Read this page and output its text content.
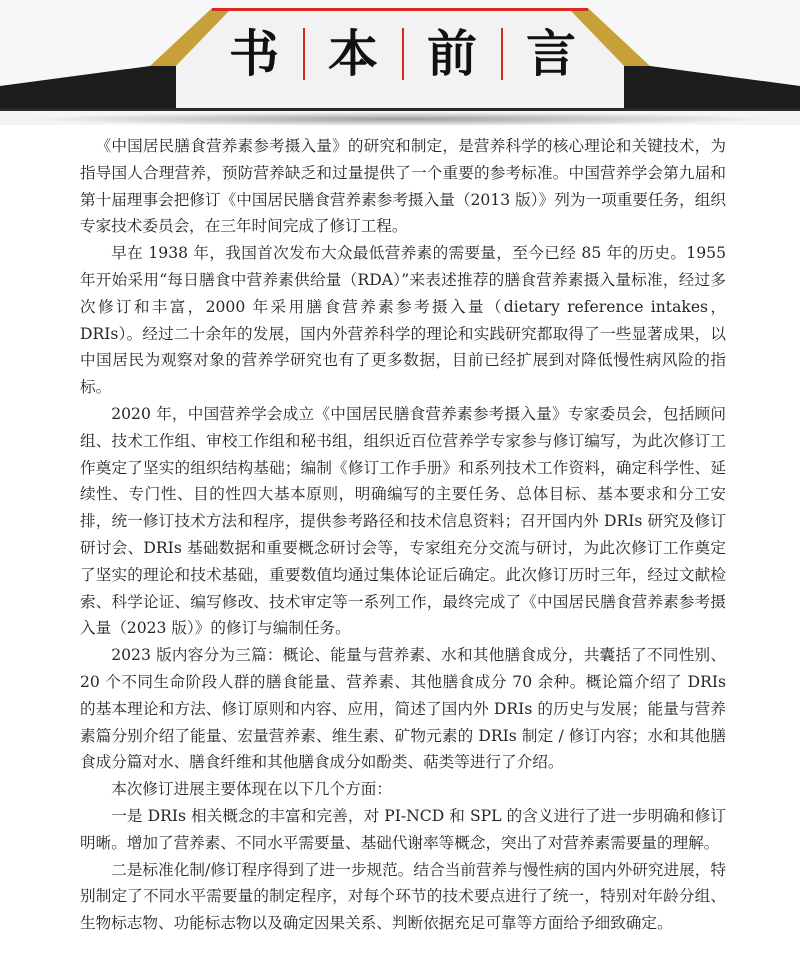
书 本 前 言

《中国居民膳食营养素参考摄入量》的研究和制定，是营养科学的核心理论和关键技术，为指导国人合理营养，预防营养缺乏和过量提供了一个重要的参考标准。中国营养学会第九届和第十届理事会把修订《中国居民膳食营养素参考摄入量（2013 版）》列为一项重要任务，组织专家技术委员会，在三年时间完成了修订工程。

早在 1938 年，我国首次发布大众最低营养素的需要量，至今已经 85 年的历史。1955 年开始采用“每日膳食中营养素供给量（RDA）”来表述推荐的膳食营养素摄入量标准，经过多次修订和丰富，2000 年采用膳食营养素参考摄入量（dietary reference intakes，DRIs）。经过二十余年的发展，国内外营养科学的理论和实践研究都取得了一些显著成果，以中国居民为观察对象的营养学研究也有了更多数据，目前已经扩展到对降低慢性病风险的指标。

2020 年，中国营养学会成立《中国居民膳食营养素参考摄入量》专家委员会，包括顾问组、技术工作组、审校工作组和秘书组，组织近百位营养学专家参与修订编写，为此次修订工作奠定了坚实的组织结构基础；编制《修订工作手册》和系列技术工作资料，确定科学性、延续性、专门性、目的性四大基本原则，明确编写的主要任务、总体目标、基本要求和分工安排，统一修订技术方法和程序，提供参考路径和技术信息资料；召开国内外 DRIs 研究及修订研讨会、DRIs 基础数据和重要概念研讨会等，专家组充分交流与研讨，为此次修订工作奠定了坚实的理论和技术基础，重要数值均通过集体论证后确定。此次修订历时三年，经过文献检索、科学论证、编写修改、技术审定等一系列工作，最终完成了《中国居民膳食营养素参考摄入量（2023 版）》的修订与编制任务。

2023 版内容分为三篇：概论、能量与营养素、水和其他膳食成分，共囊括了不同性别、20 个不同生命阶段人群的膳食能量、营养素、其他膳食成分 70 余种。概论篇介绍了 DRIs 的基本理论和方法、修订原则和内容、应用，简述了国内外 DRIs 的历史与发展；能量与营养素篇分别介绍了能量、宏量营养素、维生素、矿物元素的 DRIs 制定 / 修订内容；水和其他膳食成分篇对水、膳食纤维和其他膳食成分如酚类、萜类等进行了介绍。

本次修订进展主要体现在以下几个方面：

一是 DRIs 相关概念的丰富和完善，对 PI-NCD 和 SPL 的含义进行了进一步明确和修订明晰。增加了营养素、不同水平需要量、基础代谢率等概念，突出了对营养素需要量的理解。

二是标准化制/修订程序得到了进一步规范。结合当前营养与慢性病的国内外研究进展，特别制定了不同水平需要量的制定程序，对每个环节的技术要点进行了统一，特别对年龄分组、生物标志物、功能标志物以及确定因果关系、判断依据充足可靠等方面给予细致确定。
